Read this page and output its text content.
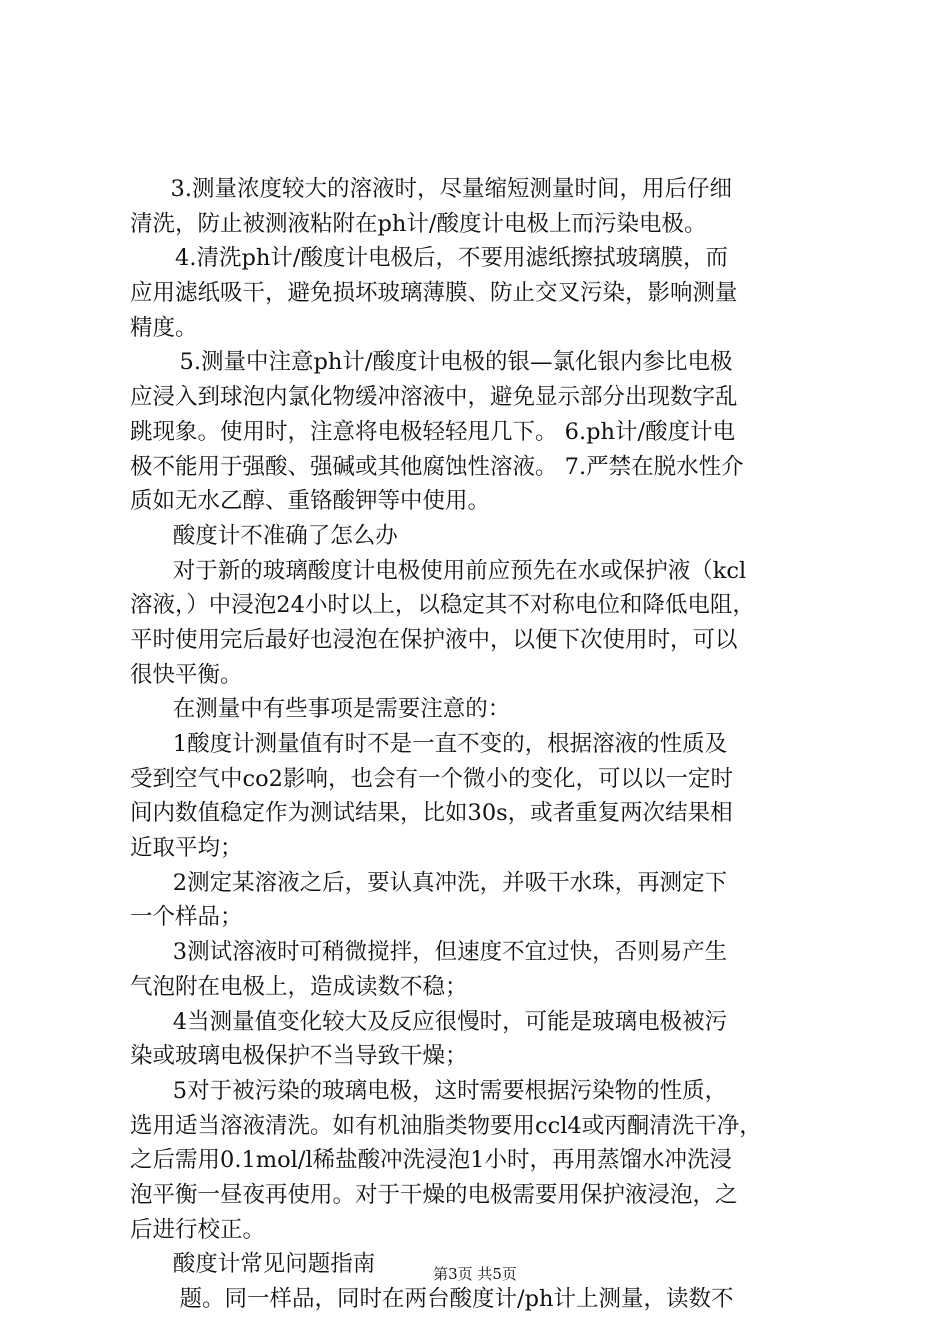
3.测量浓度较大的溶液时，尽量缩短测量时间，用后仔细
清洗，防止被测液粘附在ph计/酸度计电极上而污染电极。
4.清洗ph计/酸度计电极后，不要用滤纸擦拭玻璃膜，而
应用滤纸吸干，避免损坏玻璃薄膜、防止交叉污染，影响测量
精度。
5.测量中注意ph计/酸度计电极的银—氯化银内参比电极
应浸入到球泡内氯化物缓冲溶液中，避免显示部分出现数字乱
跳现象。使用时，注意将电极轻轻甩几下。 6.ph计/酸度计电
极不能用于强酸、强碱或其他腐蚀性溶液。 7.严禁在脱水性介
质如无水乙醇、重铬酸钾等中使用。
酸度计不准确了怎么办
对于新的玻璃酸度计电极使用前应预先在水或保护液（kcl
溶液，）中浸泡24小时以上，以稳定其不对称电位和降低电阻，
平时使用完后最好也浸泡在保护液中，以便下次使用时，可以
很快平衡。
在测量中有些事项是需要注意的：
1酸度计测量值有时不是一直不变的，根据溶液的性质及
受到空气中co2影响，也会有一个微小的变化，可以以一定时
间内数值稳定作为测试结果，比如30s，或者重复两次结果相
近取平均；
2测定某溶液之后，要认真冲洗，并吸干水珠，再测定下
一个样品；
3测试溶液时可稍微搅拌，但速度不宜过快，否则易产生
气泡附在电极上，造成读数不稳；
4当测量值变化较大及反应很慢时，可能是玻璃电极被污
染或玻璃电极保护不当导致干燥；
5对于被污染的玻璃电极，这时需要根据污染物的性质，
选用适当溶液清洗。如有机油脂类物要用ccl4或丙酮清洗干净，
之后需用0.1mol/l稀盐酸冲洗浸泡1小时，再用蒸馏水冲洗浸
泡平衡一昼夜再使用。对于干燥的电极需要用保护液浸泡，之
后进行校正。
酸度计常见问题指南
题。同一样品，同时在两台酸度计/ph计上测量，读数不
第3页 共5页
